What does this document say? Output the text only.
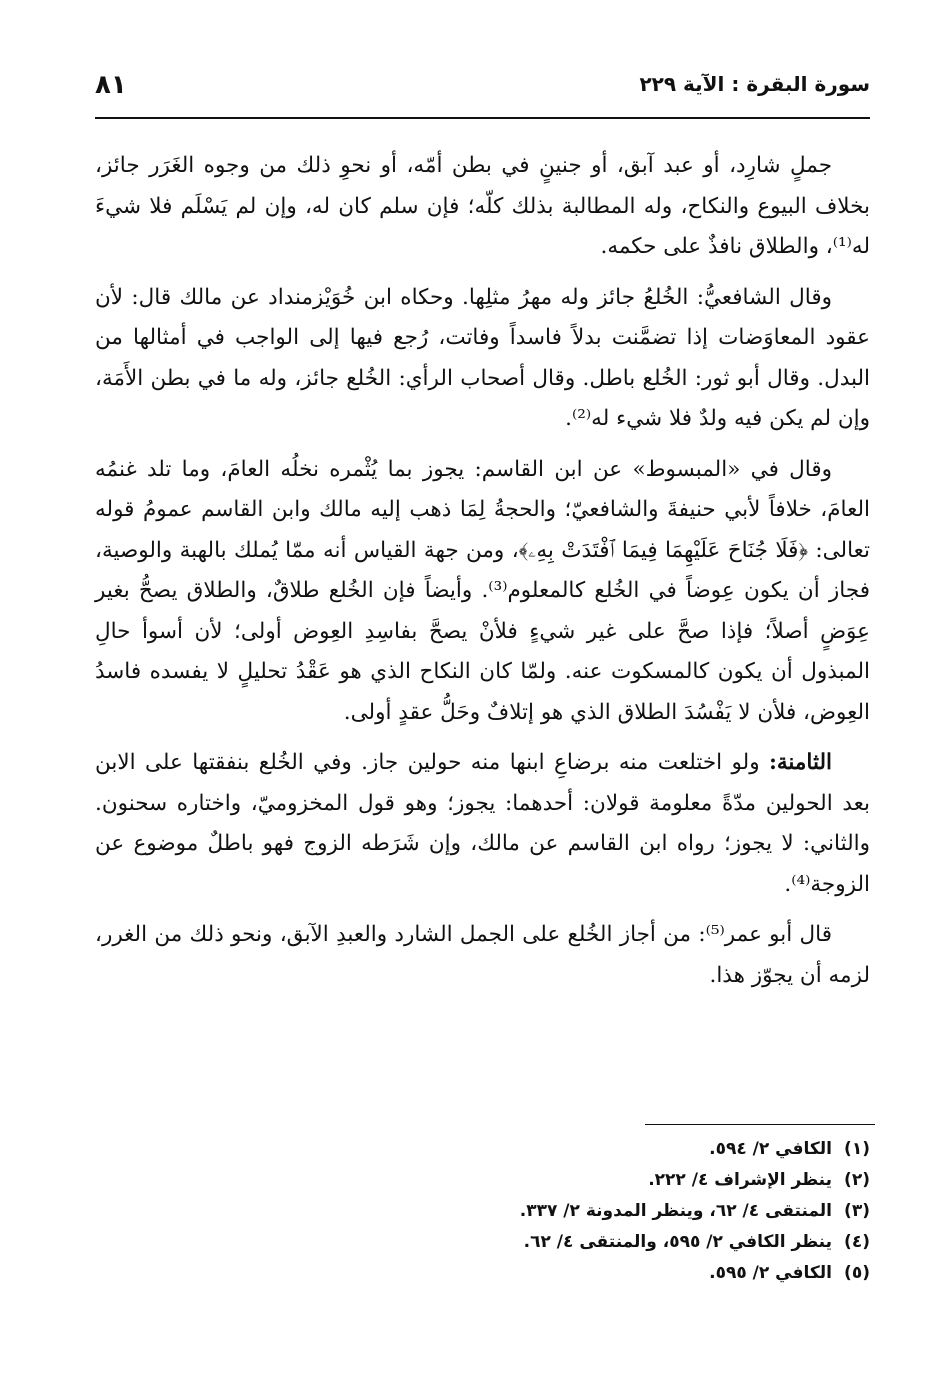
سورة البقرة : الآية ٢٢٩
٨١

جملٍ شارِد، أو عبد آبق، أو جنينٍ في بطن أمّه، أو نحوِ ذلك من وجوه الغَرَر جائز، بخلاف البيوع والنكاح، وله المطالبة بذلك كلّه؛ فإن سلم كان له، وإن لم يَسْلَم فلا شيءَ له⁽¹⁾، والطلاق نافذٌ على حكمه.

وقال الشافعيُّ: الخُلعُ جائز وله مهرُ مثلِها. وحكاه ابن خُوَيْزمنداد عن مالك قال: لأن عقود المعاوَضات إذا تضمَّنت بدلاً فاسداً وفاتت، رُجع فيها إلى الواجب في أمثالها من البدل. وقال أبو ثور: الخُلع باطل. وقال أصحاب الرأي: الخُلع جائز، وله ما في بطن الأَمَة، وإن لم يكن فيه ولدٌ فلا شيء له⁽²⁾.

وقال في «المبسوط» عن ابن القاسم: يجوز بما يُثْمره نخلُه العامَ، وما تلد غنمُه العامَ، خلافاً لأبي حنيفةَ والشافعيّ؛ والحجةُ لِمَا ذهب إليه مالك وابن القاسم عمومُ قوله تعالى: ﴿فَلَا جُنَاحَ عَلَيْهِمَا فِيمَا ٱفْتَدَتْ بِهِۦ﴾، ومن جهة القياس أنه ممّا يُملك بالهبة والوصية، فجاز أن يكون عِوضاً في الخُلع كالمعلوم⁽³⁾. وأيضاً فإن الخُلع طلاقٌ، والطلاق يصحُّ بغير عِوَضٍ أصلاً؛ فإذا صحَّ على غير شيءٍ فلأنْ يصحَّ بفاسِدِ العِوض أولى؛ لأن أسوأ حالِ المبذول أن يكون كالمسكوت عنه. ولمّا كان النكاح الذي هو عَقْدُ تحليلٍ لا يفسده فاسدُ العِوض، فلأن لا يَفْسُدَ الطلاق الذي هو إتلافٌ وحَلُّ عقدٍ أولى.

الثامنة: ولو اختلعت منه برضاعِ ابنها منه حولين جاز. وفي الخُلع بنفقتها على الابن بعد الحولين مدّةً معلومة قولان: أحدهما: يجوز؛ وهو قول المخزوميّ، واختاره سحنون. والثاني: لا يجوز؛ رواه ابن القاسم عن مالك، وإن شَرَطه الزوج فهو باطلٌ موضوع عن الزوجة⁽⁴⁾.

قال أبو عمر⁽⁵⁾: من أجاز الخُلع على الجمل الشارد والعبدِ الآبق، ونحو ذلك من الغرر، لزمه أن يجوّز هذا.

(١)الكافي ٢/ ٥٩٤.
(٢)ينظر الإشراف ٤/ ٢٢٢.
(٣)المنتقى ٤/ ٦٢، وينظر المدونة ٢/ ٣٣٧.
(٤)ينظر الكافي ٢/ ٥٩٥، والمنتقى ٤/ ٦٢.
(٥)الكافي ٢/ ٥٩٥.
